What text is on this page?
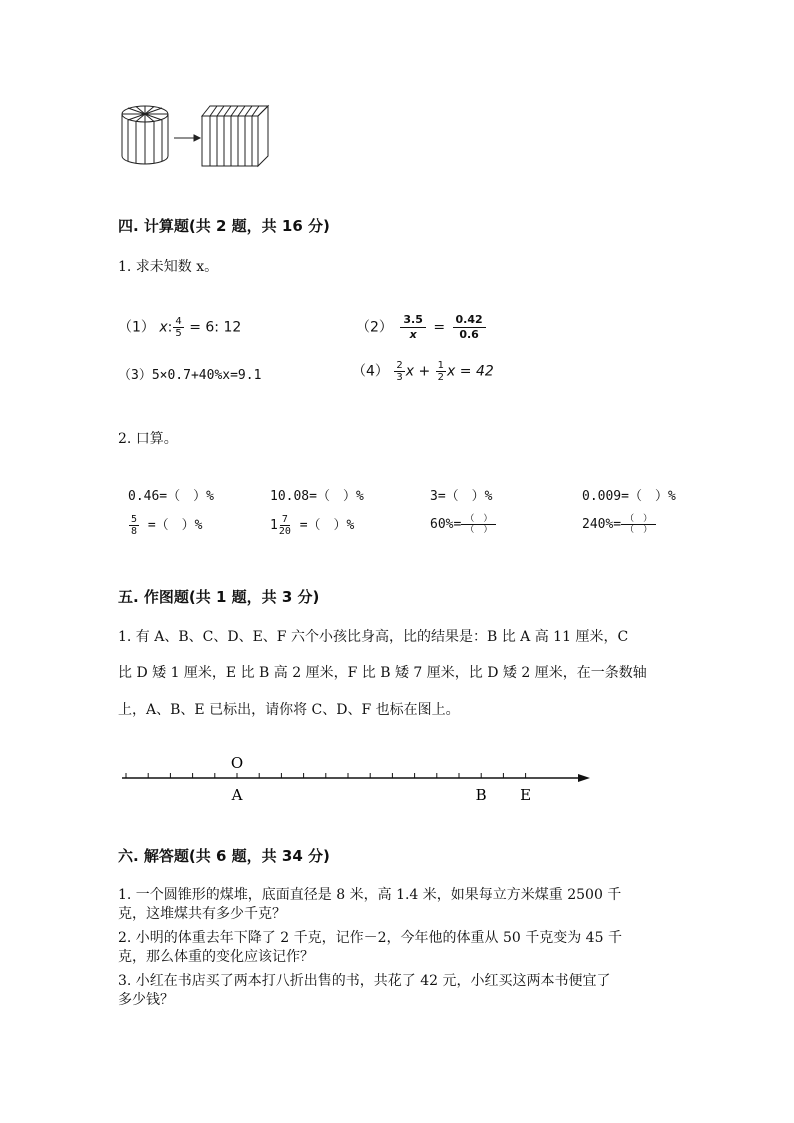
四. 计算题(共 2 题，共 16 分)
1. 求未知数 x。
（1） x: $\frac{4}{5} = 6$: 12	$(2) \frac{3.5}{x} = \frac{0.42}{0.6}$
（3）5×0.7+40%x=9.1	$(4) \frac{2}{3}$ $x + \frac{1}{2}$ x = 42
2. 口算。
0.46=（　）%	10.08=（　）%	3=（　）%	0.009=（　）%
$\frac{5}{8}$ =（　）%	$1 \frac{7}{20}$ =（　）%	$60\%= \frac{( )}{( )}$	$240\%= \frac{( )}{( )}$
五. 作图题(共 1 题，共 3 分)
1. 有 A、B、C、D、E、F 六个小孩比身高，比的结果是：B 比 A 高 11 厘米，C
比 D 矮 1 厘米，E 比 B 高 2 厘米，F 比 B 矮 7 厘米，比 D 矮 2 厘米，在一条数轴
上，A、B、E 已标出，请你将 C、D、F 也标在图上。
O
A	B E
六. 解答题(共 6 题，共 34 分)
1. 一个圆锥形的煤堆，底面直径是 8 米，高 1.4 米，如果每立方米煤重 2500 千
克，这堆煤共有多少千克？
2. 小明的体重去年下降了 2 千克，记作－2，今年他的体重从 50 千克变为 45 千
克，那么体重的变化应该记作？
3. 小红在书店买了两本打八折出售的书，共花了 42 元，小红买这两本书便宜了
多少钱？
